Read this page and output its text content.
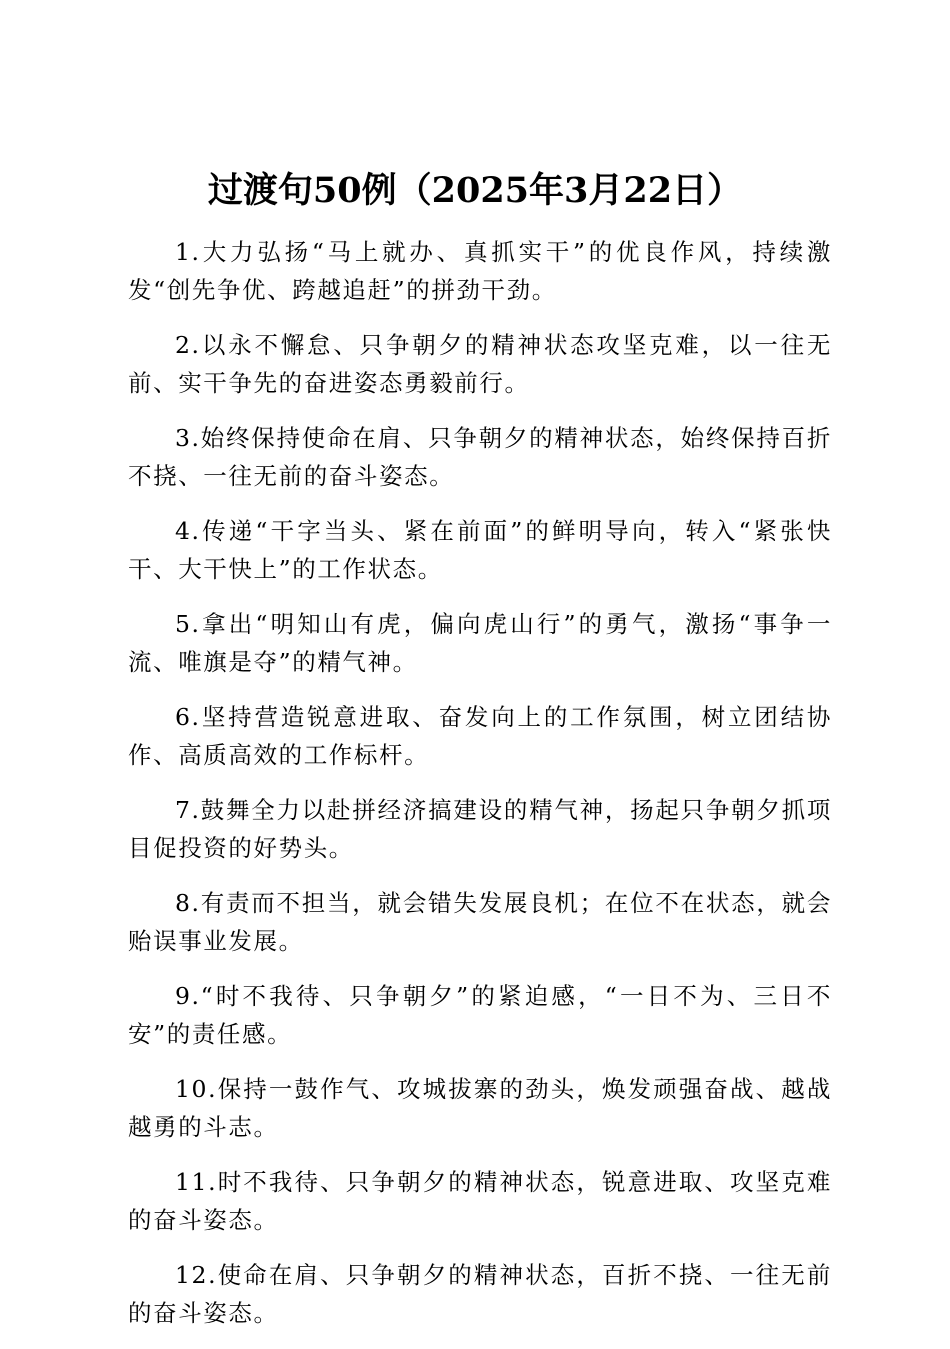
过渡句50例（2025年3月22日）

1.大力弘扬“马上就办、真抓实干”的优良作风，持续激发“创先争优、跨越追赶”的拼劲干劲。

2.以永不懈怠、只争朝夕的精神状态攻坚克难，以一往无前、实干争先的奋进姿态勇毅前行。

3.始终保持使命在肩、只争朝夕的精神状态，始终保持百折不挠、一往无前的奋斗姿态。

4.传递“干字当头、紧在前面”的鲜明导向，转入“紧张快干、大干快上”的工作状态。

5.拿出“明知山有虎，偏向虎山行”的勇气，激扬“事争一流、唯旗是夺”的精气神。

6.坚持营造锐意进取、奋发向上的工作氛围，树立团结协作、高质高效的工作标杆。

7.鼓舞全力以赴拼经济搞建设的精气神，扬起只争朝夕抓项目促投资的好势头。

8.有责而不担当，就会错失发展良机；在位不在状态，就会贻误事业发展。

9.“时不我待、只争朝夕”的紧迫感，“一日不为、三日不安”的责任感。

10.保持一鼓作气、攻城拔寨的劲头，焕发顽强奋战、越战越勇的斗志。

11.时不我待、只争朝夕的精神状态，锐意进取、攻坚克难的奋斗姿态。

12.使命在肩、只争朝夕的精神状态，百折不挠、一往无前的奋斗姿态。
